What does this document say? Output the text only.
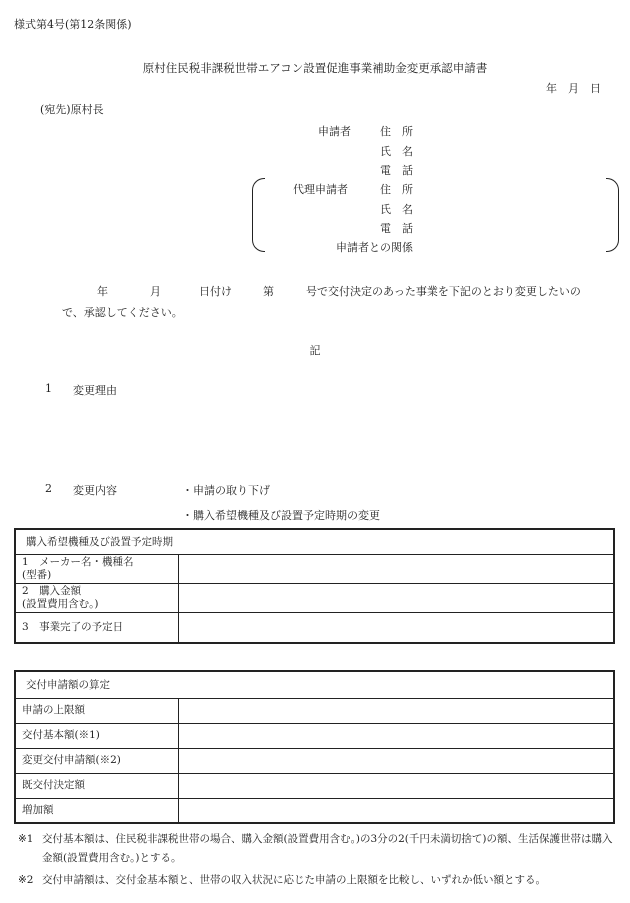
様式第4号(第12条関係)
原村住民税非課税世帯エアコン設置促進事業補助金変更承認申請書
年　月　日
(宛先)原村長
申請者	住　所
氏　名
電　話
代理申請者	住　所
氏　名
電　話
申請者との関係
年	月	日付け	第	号で交付決定のあった事業を下記のとおり変更したいの
で、承認してください。
記
1 変更理由
2 変更内容	・申請の取り下げ
・購入希望機種及び設置予定時期の変更
購入希望機種及び設置予定時期	

1　メーカー名・機種名
(型番)	

2　購入金額
(設置費用含む。)	

3　事業完了の予定日	
交付申請額の算定	
申請の上限額	
交付基本額(※1)	
変更交付申請額(※2)	
既交付決定額	
増加額	
※1 交付基本額は、住民税非課税世帯の場合、購入金額(設置費用含む。)の3分の2(千円未満切捨て)の額、生活保護世帯は購入金額(設置費用含む。)とする。
※2 交付申請額は、交付金基本額と、世帯の収入状況に応じた申請の上限額を比較し、いずれか低い額とする。
